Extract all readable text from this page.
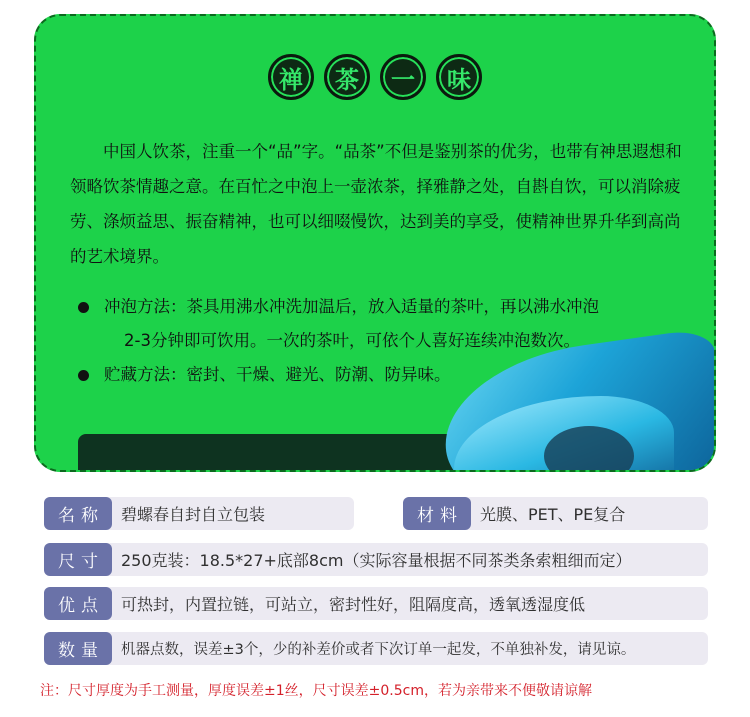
禅	茶	一	味

中国人饮茶，注重一个“品”字。“品茶”不但是鉴别茶的优劣，也带有神思遐想和领略饮茶情趣之意。在百忙之中泡上一壶浓茶，择雅静之处，自斟自饮，可以消除疲劳、涤烦益思、振奋精神，也可以细啜慢饮，达到美的享受，使精神世界升华到高尚的艺术境界。

冲泡方法：茶具用沸水冲洗加温后，放入适量的茶叶，再以沸水冲泡
2-3分钟即可饮用。一次的茶叶，可依个人喜好连续冲泡数次。
贮藏方法：密封、干燥、避光、防潮、防异味。
名称	碧螺春自封自立包装	材料	光膜、PET、PE复合
尺寸	250克装：18.5*27+底部8cm（实际容量根据不同茶类条索粗细而定）
优点	可热封，内置拉链，可站立，密封性好，阻隔度高，透氧透湿度低
数量	机器点数，误差±3个，少的补差价或者下次订单一起发，不单独补发，请见谅。
注：尺寸厚度为手工测量，厚度误差±1丝，尺寸误差±0.5cm，若为亲带来不便敬请谅解
